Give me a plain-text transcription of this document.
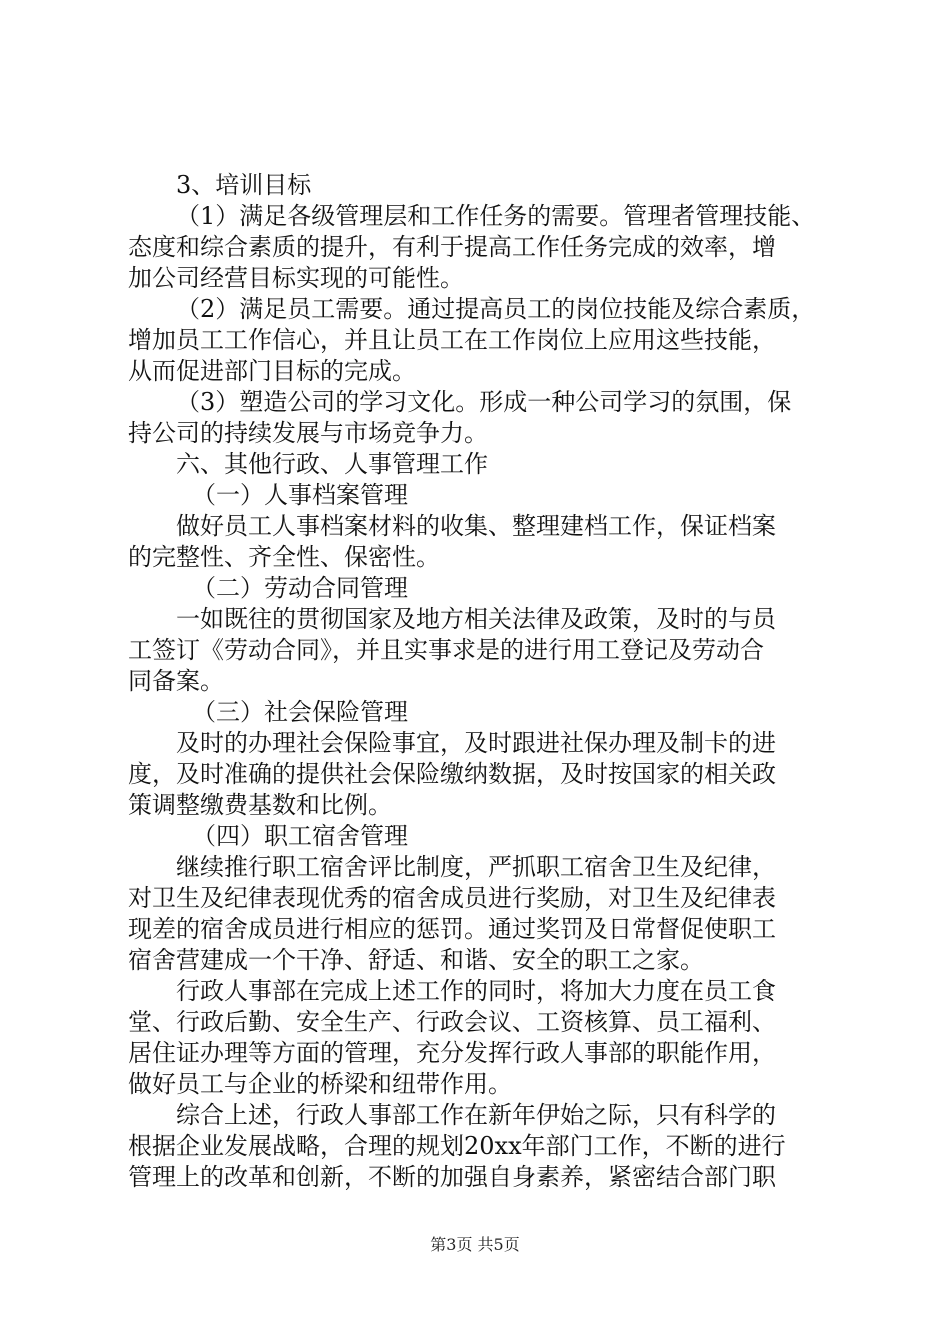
3、培训目标
（1）满足各级管理层和工作任务的需要。管理者管理技能、
态度和综合素质的提升，有利于提高工作任务完成的效率，增
加公司经营目标实现的可能性。
（2）满足员工需要。通过提高员工的岗位技能及综合素质，
增加员工工作信心，并且让员工在工作岗位上应用这些技能，
从而促进部门目标的完成。
（3）塑造公司的学习文化。形成一种公司学习的氛围，保
持公司的持续发展与市场竞争力。
六、其他行政、人事管理工作
（一）人事档案管理
做好员工人事档案材料的收集、整理建档工作，保证档案
的完整性、齐全性、保密性。
（二）劳动合同管理
一如既往的贯彻国家及地方相关法律及政策，及时的与员
工签订《劳动合同》，并且实事求是的进行用工登记及劳动合
同备案。
（三）社会保险管理
及时的办理社会保险事宜，及时跟进社保办理及制卡的进
度，及时准确的提供社会保险缴纳数据，及时按国家的相关政
策调整缴费基数和比例。
（四）职工宿舍管理
继续推行职工宿舍评比制度，严抓职工宿舍卫生及纪律，
对卫生及纪律表现优秀的宿舍成员进行奖励，对卫生及纪律表
现差的宿舍成员进行相应的惩罚。通过奖罚及日常督促使职工
宿舍营建成一个干净、舒适、和谐、安全的职工之家。
行政人事部在完成上述工作的同时，将加大力度在员工食
堂、行政后勤、安全生产、行政会议、工资核算、员工福利、
居住证办理等方面的管理，充分发挥行政人事部的职能作用，
做好员工与企业的桥梁和纽带作用。
综合上述，行政人事部工作在新年伊始之际，只有科学的
根据企业发展战略，合理的规划20xx年部门工作，不断的进行
管理上的改革和创新，不断的加强自身素养，紧密结合部门职
第3页 共5页
